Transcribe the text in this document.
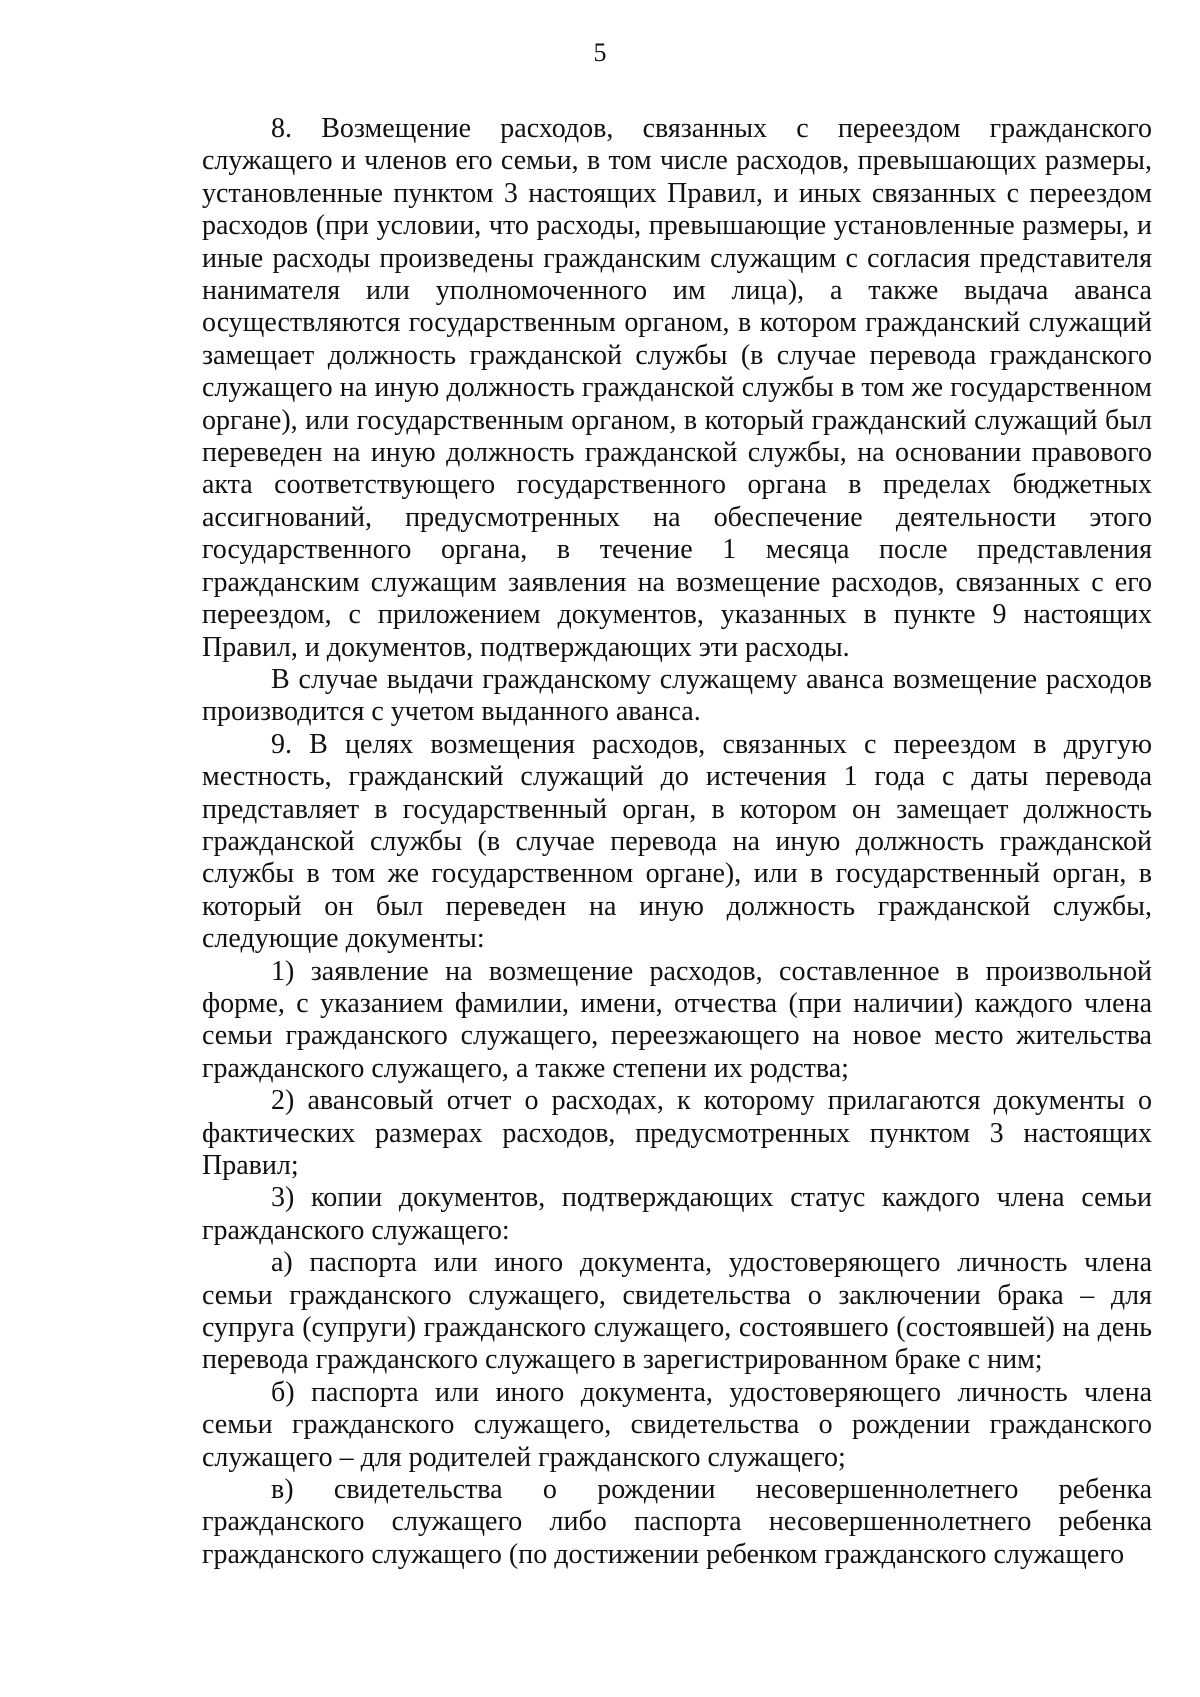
5

8. Возмещение расходов, связанных с переездом гражданского служащего и членов его семьи, в том числе расходов, превышающих размеры, установленные пунктом 3 настоящих Правил, и иных связанных с переездом расходов (при условии, что расходы, превышающие установленные размеры, и иные расходы произведены гражданским служащим с согласия представителя нанимателя или уполномоченного им лица), а также выдача аванса осуществляются государственным органом, в котором гражданский служащий замещает должность гражданской службы (в случае перевода гражданского служащего на иную должность гражданской службы в том же государственном органе), или государственным органом, в который гражданский служащий был переведен на иную должность гражданской службы, на основании правового акта соответствующего государственного органа в пределах бюджетных ассигнований, предусмотренных на обеспечение деятельности этого государственного органа, в течение 1 месяца после представления гражданским служащим заявления на возмещение расходов, связанных с его переездом, с приложением документов, указанных в пункте 9 настоящих Правил, и документов, подтверждающих эти расходы.

В случае выдачи гражданскому служащему аванса возмещение расходов производится с учетом выданного аванса.

9. В целях возмещения расходов, связанных с переездом в другую местность, гражданский служащий до истечения 1 года с даты перевода представляет в государственный орган, в котором он замещает должность гражданской службы (в случае перевода на иную должность гражданской службы в том же государственном органе), или в государственный орган, в который он был переведен на иную должность гражданской службы, следующие документы:

1) заявление на возмещение расходов, составленное в произвольной форме, с указанием фамилии, имени, отчества (при наличии) каждого члена семьи гражданского служащего, переезжающего на новое место жительства гражданского служащего, а также степени их родства;

2) авансовый отчет о расходах, к которому прилагаются документы о фактических размерах расходов, предусмотренных пунктом 3 настоящих Правил;

3) копии документов, подтверждающих статус каждого члена семьи гражданского служащего:

а) паспорта или иного документа, удостоверяющего личность члена семьи гражданского служащего, свидетельства о заключении брака – для супруга (супруги) гражданского служащего, состоявшего (состоявшей) на день перевода гражданского служащего в зарегистрированном браке с ним;

б) паспорта или иного документа, удостоверяющего личность члена семьи гражданского служащего, свидетельства о рождении гражданского служащего – для родителей гражданского служащего;

в) свидетельства о рождении несовершеннолетнего ребенка гражданского служащего либо паспорта несовершеннолетнего ребенка гражданского служащего (по достижении ребенком гражданского служащего
